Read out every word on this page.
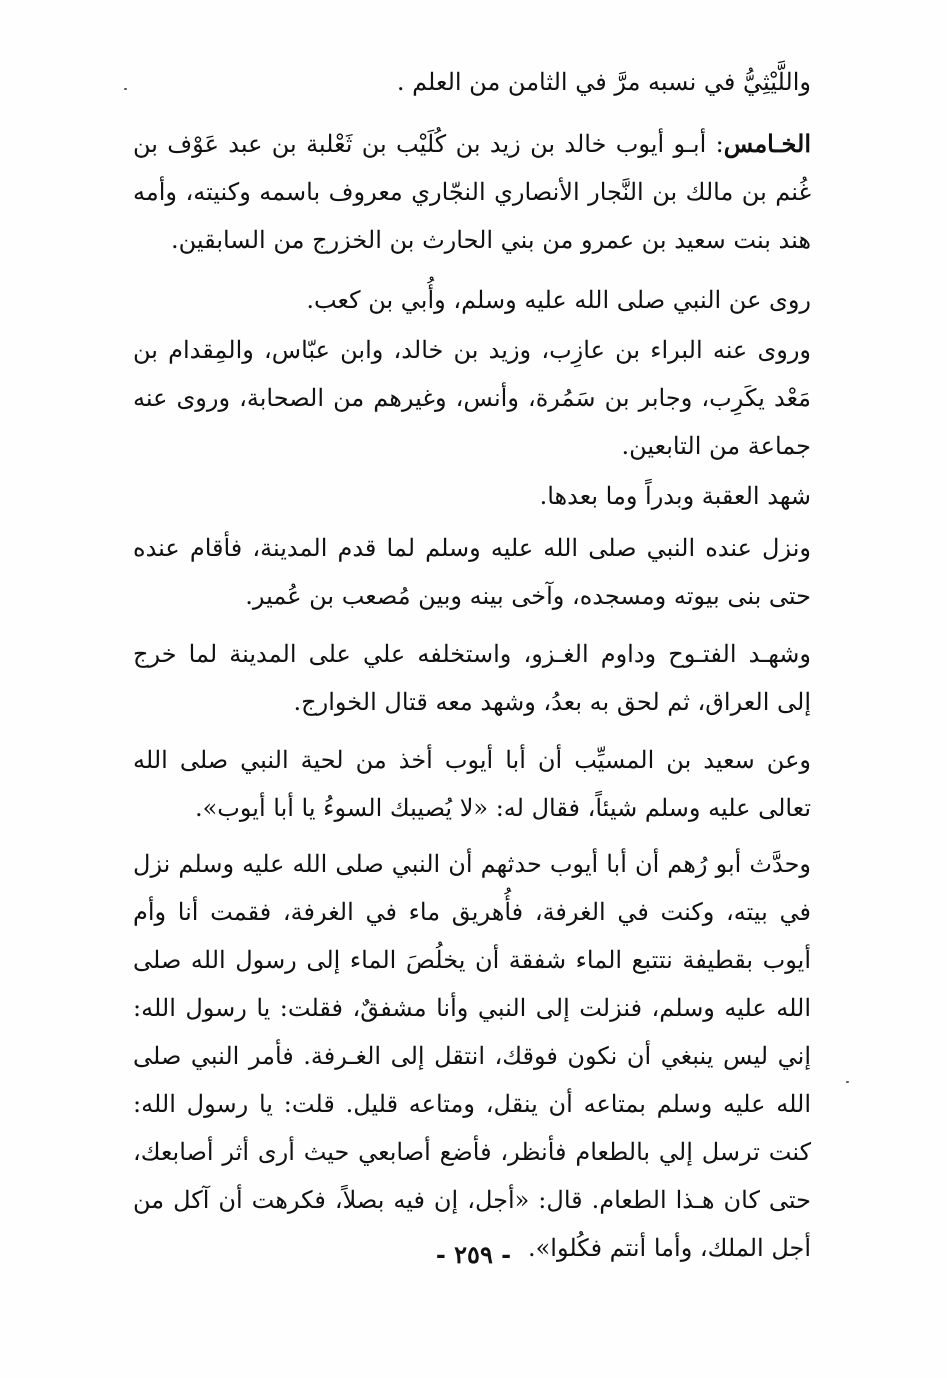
واللَّيْثِيُّ في نسبه مرَّ في الثامن من العلم .

الخـامس: أبـو أيوب خالد بن زيد بن كُلَيْب بن ثَعْلبة بن عبد عَوْف بن غُنم بن مالك بن النَّجار الأنصاري النجّاري معروف باسمه وكنيته، وأمه هند بنت سعيد بن عمرو من بني الحارث بن الخزرج من السابقين.

روى عن النبي صلى الله عليه وسلم، وأُبي بن كعب.

وروى عنه البراء بن عازِب، وزيد بن خالد، وابن عبّاس، والمِقدام بن مَعْد يكَرِب، وجابر بن سَمُرة، وأنس، وغيرهم من الصحابة، وروى عنه جماعة من التابعين.

شهد العقبة وبدراً وما بعدها.

ونزل عنده النبي صلى الله عليه وسلم لما قدم المدينة، فأقام عنده حتى بنى بيوته ومسجده، وآخى بينه وبين مُصعب بن عُمير.

وشهـد الفتـوح وداوم الغـزو، واستخلفه علي على المدينة لما خرج إلى العراق، ثم لحق به بعدُ، وشهد معه قتال الخوارج.

وعن سعيد بن المسيِّب أن أبا أيوب أخذ من لحية النبي صلى الله تعالى عليه وسلم شيئاً، فقال له: «لا يُصيبك السوءُ يا أبا أيوب».

وحدَّث أبو رُهم أن أبا أيوب حدثهم أن النبي صلى الله عليه وسلم نزل في بيته، وكنت في الغرفة، فأُهريق ماء في الغرفة، فقمت أنا وأم أيوب بقطيفة نتتبع الماء شفقة أن يخلُصَ الماء إلى رسول الله صلى الله عليه وسلم، فنزلت إلى النبي وأنا مشفقٌ، فقلت: يا رسول الله: إني ليس ينبغي أن نكون فوقك، انتقل إلى الغـرفة. فأمر النبي صلى الله عليه وسلم بمتاعه أن ينقل، ومتاعه قليل. قلت: يا رسول الله: كنت ترسل إلي بالطعام فأنظر، فأضع أصابعي حيث أرى أثر أصابعك، حتى كان هـذا الطعام. قال: «أجل، إن فيه بصلاً، فكرهت أن آكل من أجل الملك، وأما أنتم فكُلوا».

- ٢٥٩ -
